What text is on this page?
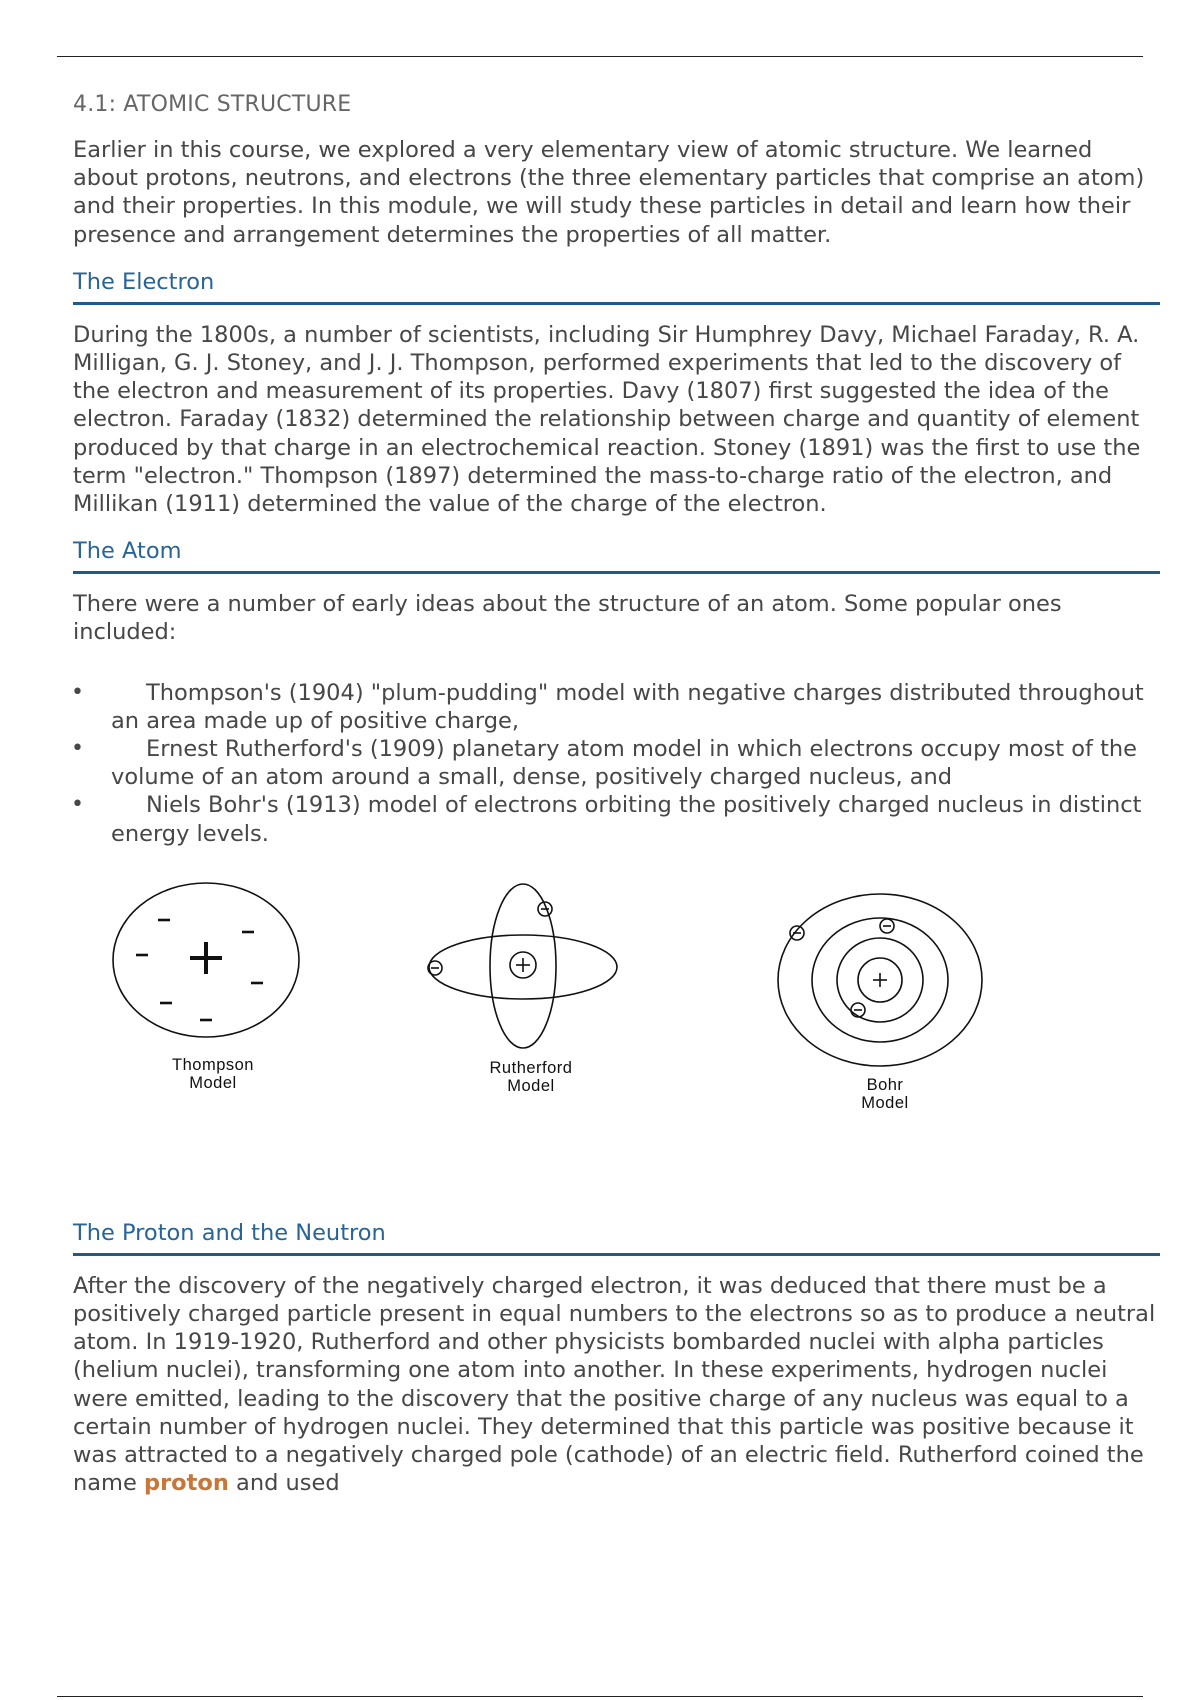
4.1: ATOMIC STRUCTURE

Earlier in this course, we explored a very elementary view of atomic structure. We learned about protons, neutrons, and electrons (the three elementary particles that comprise an atom) and their properties. In this module, we will study these particles in detail and learn how their presence and arrangement determines the properties of all matter.

The Electron

During the 1800s, a number of scientists, including Sir Humphrey Davy, Michael Faraday, R. A. Milligan, G. J. Stoney, and J. J. Thompson, performed experiments that led to the discovery of the electron and measurement of its properties. Davy (1807) first suggested the idea of the electron. Faraday (1832) determined the relationship between charge and quantity of element produced by that charge in an electrochemical reaction. Stoney (1891) was the first to use the term "electron." Thompson (1897) determined the mass-to-charge ratio of the electron, and Millikan (1911) determined the value of the charge of the electron.

The Atom

There were a number of early ideas about the structure of an atom. Some popular ones included:

•	Thompson's (1904) "plum-pudding" model with negative charges distributed throughout an area made up of positive charge,
•	Ernest Rutherford's (1909) planetary atom model in which electrons occupy most of the volume of an atom around a small, dense, positively charged nucleus, and
•	Niels Bohr's (1913) model of electrons orbiting the positively charged nucleus in distinct energy levels.
Thompson
Model
Rutherford
Model	Bohr
Model
The Proton and the Neutron

After the discovery of the negatively charged electron, it was deduced that there must be a positively charged particle present in equal numbers to the electrons so as to produce a neutral atom. In 1919-1920, Rutherford and other physicists bombarded nuclei with alpha particles (helium nuclei), transforming one atom into another. In these experiments, hydrogen nuclei were emitted, leading to the discovery that the positive charge of any nucleus was equal to a certain number of hydrogen nuclei. They determined that this particle was positive because it was attracted to a negatively charged pole (cathode) of an electric field. Rutherford coined the name proton and used
